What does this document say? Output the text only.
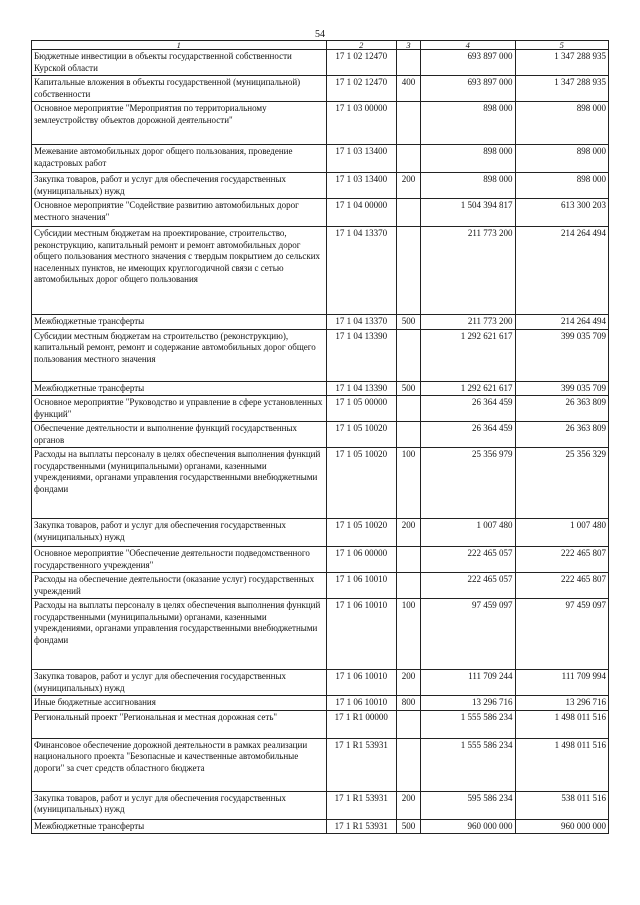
54
1	2	3	4	5
Бюджетные инвестиции в объекты государственной собственности Курской области	17 1 02 12470		693 897 000	1 347 288 935
Капитальные вложения в объекты государственной (муниципальной) собственности	17 1 02 12470	400	693 897 000	1 347 288 935
Основное мероприятие "Мероприятия по территориальному землеустройству объектов дорожной деятельности"	17 1 03 00000		898 000	898 000
Межевание автомобильных дорог общего пользования, проведение кадастровых работ	17 1 03 13400		898 000	898 000
Закупка товаров, работ и услуг для обеспечения государственных (муниципальных) нужд	17 1 03 13400	200	898 000	898 000
Основное мероприятие "Содействие развитию автомобильных дорог местного значения"	17 1 04 00000		1 504 394 817	613 300 203
Субсидии местным бюджетам на проектирование, строительство, реконструкцию, капитальный ремонт и ремонт автомобильных дорог общего пользования местного значения с твердым покрытием до сельских населенных пунктов, не имеющих круглогодичной связи с сетью автомобильных дорог общего пользования	17 1 04 13370		211 773 200	214 264 494
Межбюджетные трансферты	17 1 04 13370	500	211 773 200	214 264 494
Субсидии местным бюджетам на строительство (реконструкцию), капитальный ремонт, ремонт и содержание автомобильных дорог общего пользования местного значения	17 1 04 13390		1 292 621 617	399 035 709
Межбюджетные трансферты	17 1 04 13390	500	1 292 621 617	399 035 709
Основное мероприятие "Руководство и управление в сфере установленных функций"	17 1 05 00000		26 364 459	26 363 809
Обеспечение деятельности и выполнение функций государственных органов	17 1 05 10020		26 364 459	26 363 809
Расходы на выплаты персоналу в целях обеспечения выполнения функций государственными (муниципальными) органами, казенными учреждениями, органами управления государственными внебюджетными фондами	17 1 05 10020	100	25 356 979	25 356 329
Закупка товаров, работ и услуг для обеспечения государственных (муниципальных) нужд	17 1 05 10020	200	1 007 480	1 007 480
Основное мероприятие "Обеспечение деятельности подведомственного государственного учреждения"	17 1 06 00000		222 465 057	222 465 807
Расходы на обеспечение деятельности (оказание услуг) государственных учреждений	17 1 06 10010		222 465 057	222 465 807
Расходы на выплаты персоналу в целях обеспечения выполнения функций государственными (муниципальными) органами, казенными учреждениями, органами управления государственными внебюджетными фондами	17 1 06 10010	100	97 459 097	97 459 097
Закупка товаров, работ и услуг для обеспечения государственных (муниципальных) нужд	17 1 06 10010	200	111 709 244	111 709 994
Иные бюджетные ассигнования	17 1 06 10010	800	13 296 716	13 296 716
Региональный проект "Региональная и местная дорожная сеть"	17 1 R1 00000		1 555 586 234	1 498 011 516
Финансовое обеспечение дорожной деятельности в рамках реализации национального проекта "Безопасные и качественные автомобильные дороги" за счет средств областного бюджета	17 1 R1 53931		1 555 586 234	1 498 011 516
Закупка товаров, работ и услуг для обеспечения государственных (муниципальных) нужд	17 1 R1 53931	200	595 586 234	538 011 516
Межбюджетные трансферты	17 1 R1 53931	500	960 000 000	960 000 000
